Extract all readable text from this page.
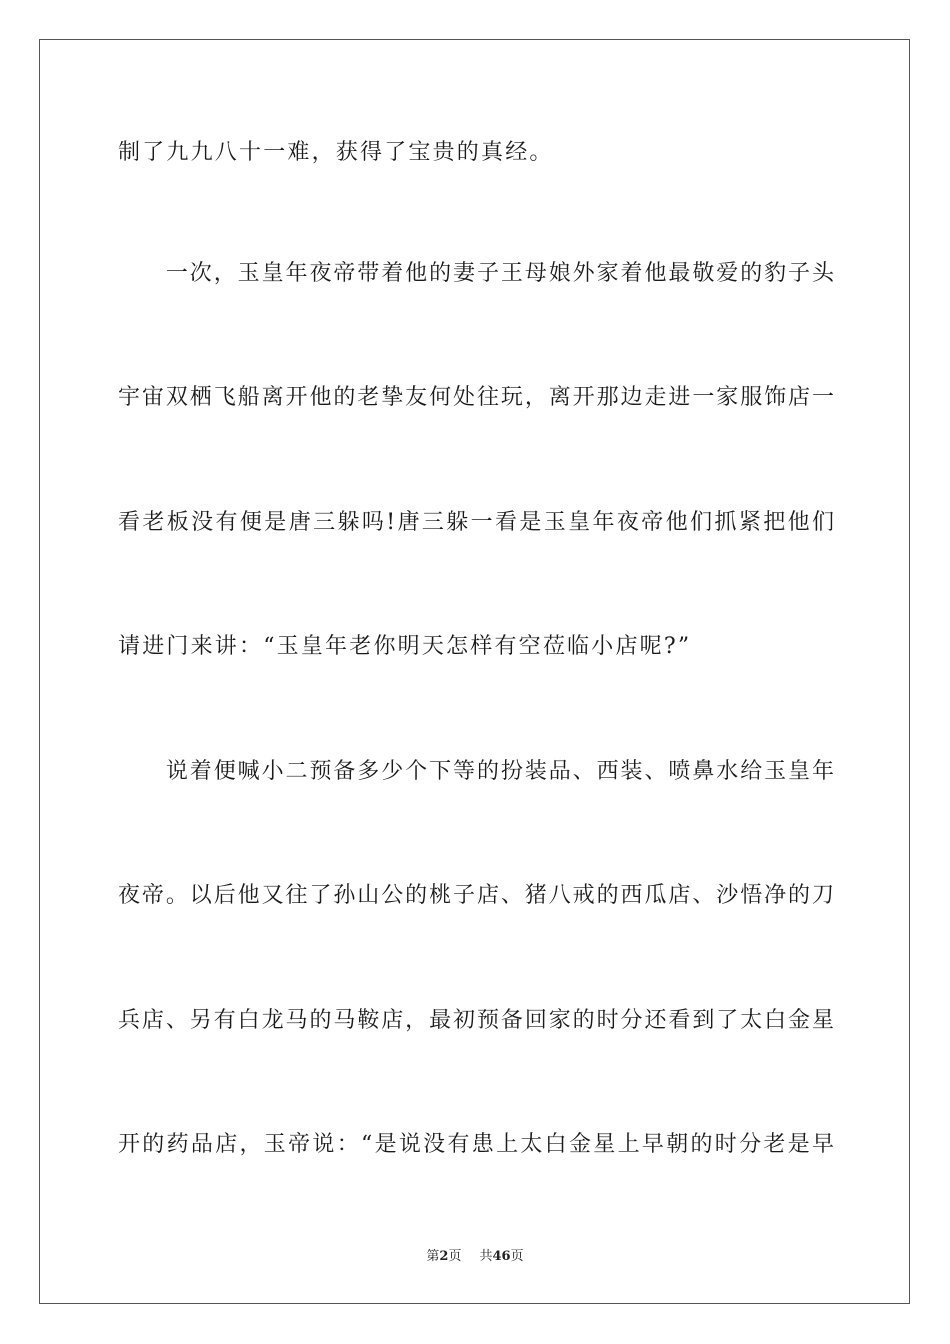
制了九九八十一难，获得了宝贵的真经。
　　一次，玉皇年夜帝带着他的妻子王母娘外家着他最敬爱的豹子头
宇宙双栖飞船离开他的老挚友何处往玩，离开那边走进一家服饰店一
看老板没有便是唐三躲吗!唐三躲一看是玉皇年夜帝他们抓紧把他们
请进门来讲：“玉皇年老你明天怎样有空莅临小店呢?”
　　说着便喊小二预备多少个下等的扮装品、西装、喷鼻水给玉皇年
夜帝。以后他又往了孙山公的桃子店、猪八戒的西瓜店、沙悟净的刀
兵店、另有白龙马的马鞍店，最初预备回家的时分还看到了太白金星
开的药品店，玉帝说：“是说没有患上太白金星上早朝的时分老是早
第2页 共46页
